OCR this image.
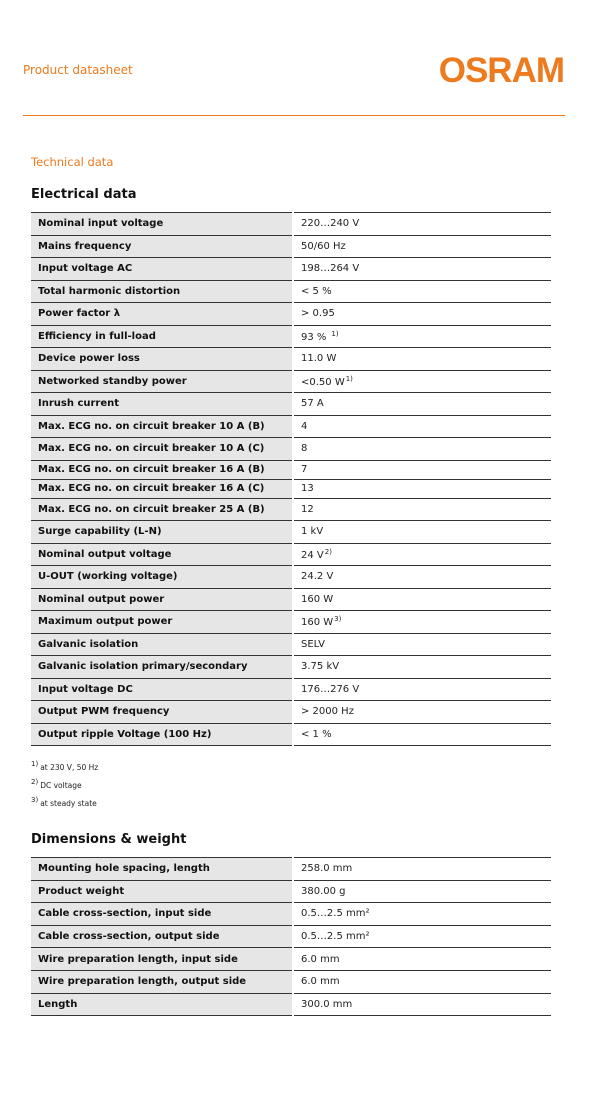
Product datasheet	OSRAM
Technical data
Electrical data
Nominal input voltage	220…240 V
Mains frequency	50/60 Hz
Input voltage AC	198…264 V
Total harmonic distortion	< 5 %
Power factor λ	> 0.95
Efficiency in full-load	93 % $^{1)}$
Device power loss	11.0 W
Networked standby power	<0.50 $W^{1)}$
Inrush current	57 A
Max. ECG no. on circuit breaker 10 A (B)	4
Max. ECG no. on circuit breaker 10 A (C)	8
Max. ECG no. on circuit breaker 16 A (B)	7
Max. ECG no. on circuit breaker 16 A (C)	13
Max. ECG no. on circuit breaker 25 A (B)	12
Surge capability (L-N)	1 kV
Nominal output voltage	24 $V^{2)}$
U-OUT (working voltage)	24.2 V
Nominal output power	160 W
Maximum output power	160 $W^{3)}$
Galvanic isolation	SELV
Galvanic isolation primary/secondary	3.75 kV
Input voltage DC	176…276 V
Output PWM frequency	> 2000 Hz
Output ripple Voltage (100 Hz)	< 1 %
$^{1)}$ at 230 V, 50 Hz
$^{2)}$ DC voltage
$^{3)}$ at steady state
Dimensions & weight
Mounting hole spacing, length	258.0 mm
Product weight	380.00 g
Cable cross-section, input side	0.5…2.5 mm²
Cable cross-section, output side	0.5…2.5 mm²
Wire preparation length, input side	6.0 mm
Wire preparation length, output side	6.0 mm
Length	300.0 mm
